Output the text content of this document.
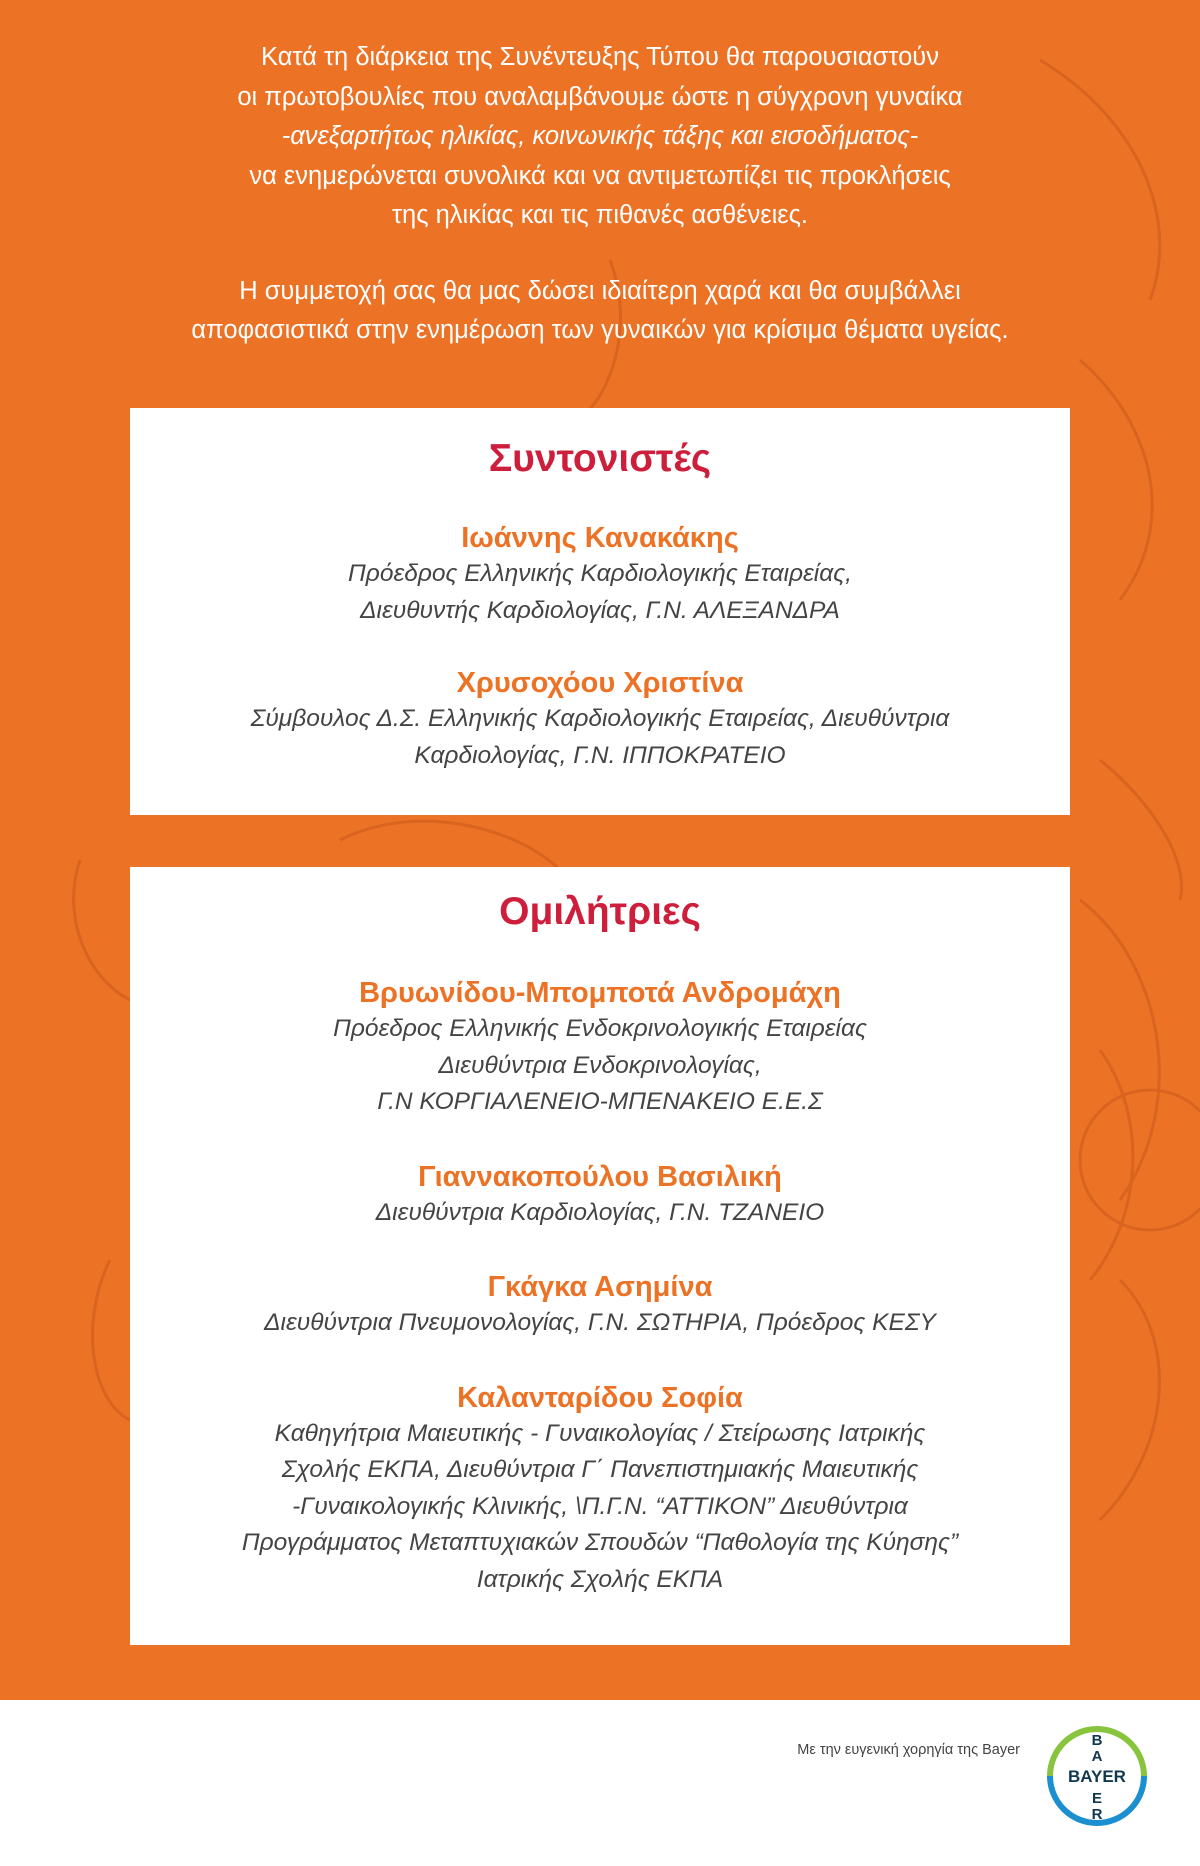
Κατά τη διάρκεια της Συνέντευξης Τύπου θα παρουσιαστούν

οι πρωτοβουλίες που αναλαμβάνουμε ώστε η σύγχρονη γυναίκα

-ανεξαρτήτως ηλικίας, κοινωνικής τάξης και εισοδήματος-

να ενημερώνεται συνολικά και να αντιμετωπίζει τις προκλήσεις

της ηλικίας και τις πιθανές ασθένειες.

Η συμμετοχή σας θα μας δώσει ιδιαίτερη χαρά και θα συμβάλλει

αποφασιστικά στην ενημέρωση των γυναικών για κρίσιμα θέματα υγείας.

Συντονιστές
Ιωάννης Κανακάκης
Πρόεδρος Ελληνικής Καρδιολογικής Εταιρείας,
Διευθυντής Καρδιολογίας, Γ.Ν. ΑΛΕΞΑΝΔΡΑ
Χρυσοχόου Χριστίνα
Σύμβουλος Δ.Σ. Ελληνικής Καρδιολογικής Εταιρείας, Διευθύντρια
Καρδιολογίας, Γ.Ν. ΙΠΠΟΚΡΑΤΕΙΟ
Ομιλήτριες
Βρυωνίδου-Μπομποτά Ανδρομάχη
Πρόεδρος Ελληνικής Ενδοκρινολογικής Εταιρείας
Διευθύντρια Ενδοκρινολογίας,
Γ.Ν ΚΟΡΓΙΑΛΕΝΕΙΟ-ΜΠΕΝΑΚΕΙΟ Ε.Ε.Σ
Γιαννακοπούλου Βασιλική
Διευθύντρια Καρδιολογίας, Γ.Ν. ΤΖΑΝΕΙΟ
Γκάγκα Ασημίνα
Διευθύντρια Πνευμονολογίας, Γ.Ν. ΣΩΤΗΡΙΑ, Πρόεδρος ΚΕΣΥ
Καλανταρίδου Σοφία
Καθηγήτρια Μαιευτικής - Γυναικολογίας / Στείρωσης Ιατρικής
Σχολής ΕΚΠΑ, Διευθύντρια Γ΄ Πανεπιστημιακής Μαιευτικής
-Γυναικολογικής Κλινικής, \Π.Γ.Ν. “ΑΤΤΙΚΟΝ” Διευθύντρια
Προγράμματος Μεταπτυχιακών Σπουδών “Παθολογία της Κύησης”
Ιατρικής Σχολής ΕΚΠΑ
Με την ευγενική χορηγία της Bayer
B
A
BAYER
E
R
